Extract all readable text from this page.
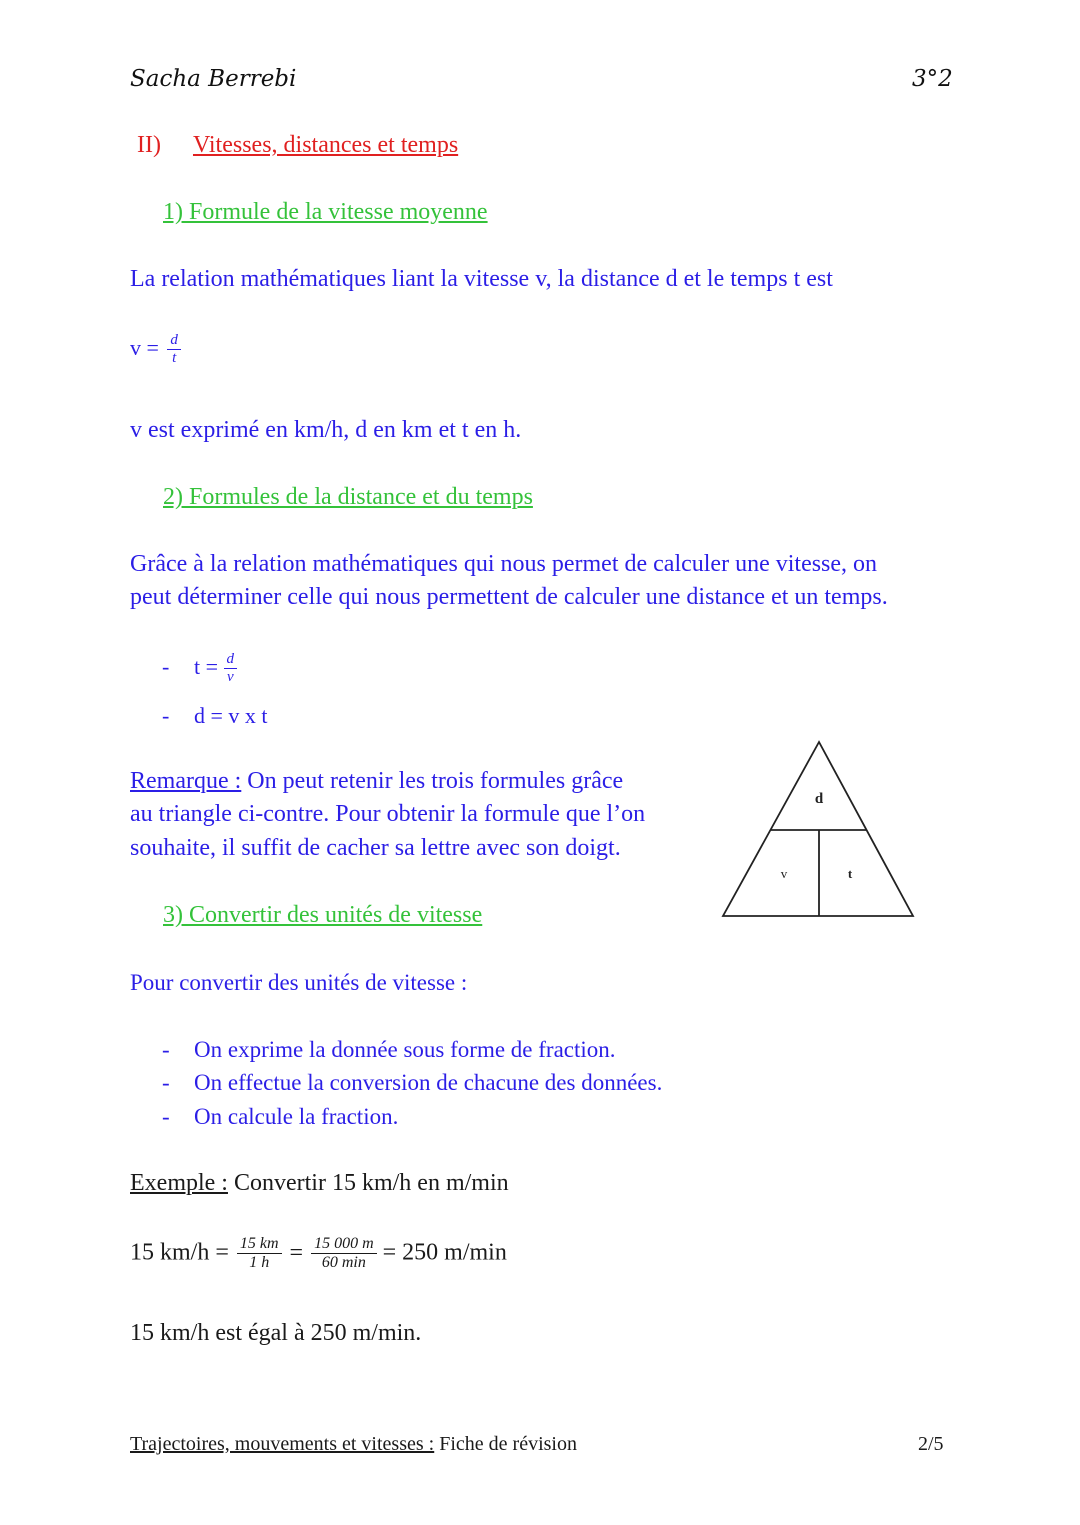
Sacha Berrebi	3°2
II) Vitesses, distances et temps
1) Formule de la vitesse moyenne
La relation mathématiques liant la vitesse v, la distance d et le temps t est
$v = \frac{d}{t}$
v est exprimé en km/h, d en km et t en h.
2) Formules de la distance et du temps
Grâce à la relation mathématiques qui nous permet de calculer une vitesse, on
peut déterminer celle qui nous permettent de calculer une distance et un temps.
- $t = \frac{d}{v}$
- d = v x t
Remarque : On peut retenir les trois formules grâce
au triangle ci-contre. Pour obtenir la formule que l’on
souhaite, il suffit de cacher sa lettre avec son doigt.
d
v	t
3) Convertir des unités de vitesse
Pour convertir des unités de vitesse :
- On exprime la donnée sous forme de fraction.
- On effectue la conversion de chacune des données.
- On calcule la fraction.
Exemple : Convertir 15 km/h en m/min
15 $km/h = \frac{15 km}{1 h} = \frac{15 000 m}{60 \min} = 250$ m/min
15 km/h est égal à 250 m/min.
Trajectoires, mouvements et vitesses : Fiche de révision	2/5
